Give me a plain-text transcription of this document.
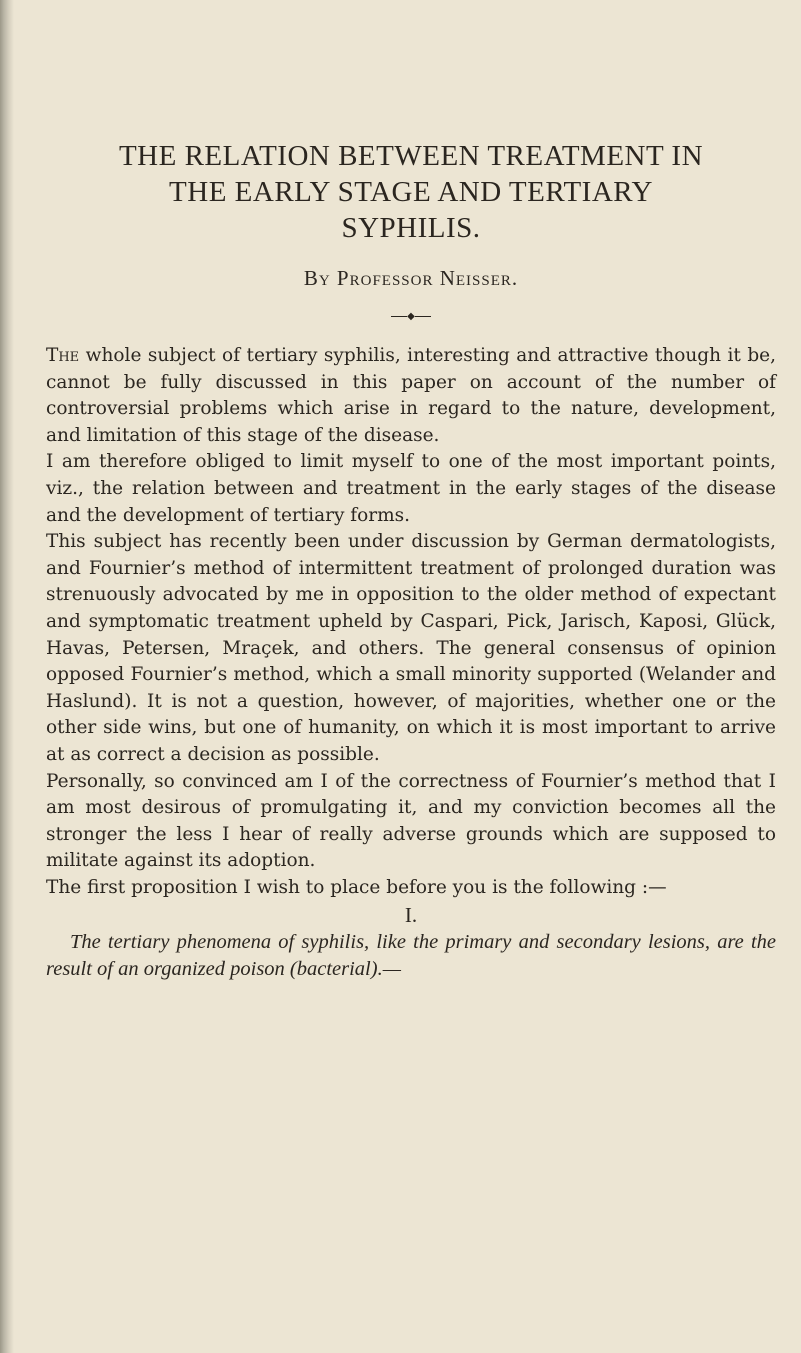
THE RELATION BETWEEN TREATMENT IN
THE EARLY STAGE AND TERTIARY
SYPHILIS.
By Professor Neisser.
◆

The whole subject of tertiary syphilis, interesting and attractive though it be, cannot be fully discussed in this paper on account of the number of controversial problems which arise in regard to the nature, development, and limitation of this stage of the disease.

I am therefore obliged to limit myself to one of the most important points, viz., the relation between and treatment in the early stages of the disease and the development of tertiary forms.

This subject has recently been under discussion by German dermatologists, and Fournier’s method of intermittent treatment of prolonged duration was strenuously advocated by me in opposition to the older method of expectant and symptomatic treatment upheld by Caspari, Pick, Jarisch, Kaposi, Glück, Havas, Petersen, Mraçek, and others. The general consensus of opinion opposed Fournier’s method, which a small minority supported (Welander and Haslund). It is not a question, however, of majorities, whether one or the other side wins, but one of humanity, on which it is most important to arrive at as correct a decision as possible.

Personally, so convinced am I of the correctness of Fournier’s method that I am most desirous of promulgating it, and my conviction becomes all the stronger the less I hear of really adverse grounds which are supposed to militate against its adoption.

The first proposition I wish to place before you is the following :—

I.

The tertiary phenomena of syphilis, like the primary and secondary lesions, are the result of an organized poison (bacterial).—
